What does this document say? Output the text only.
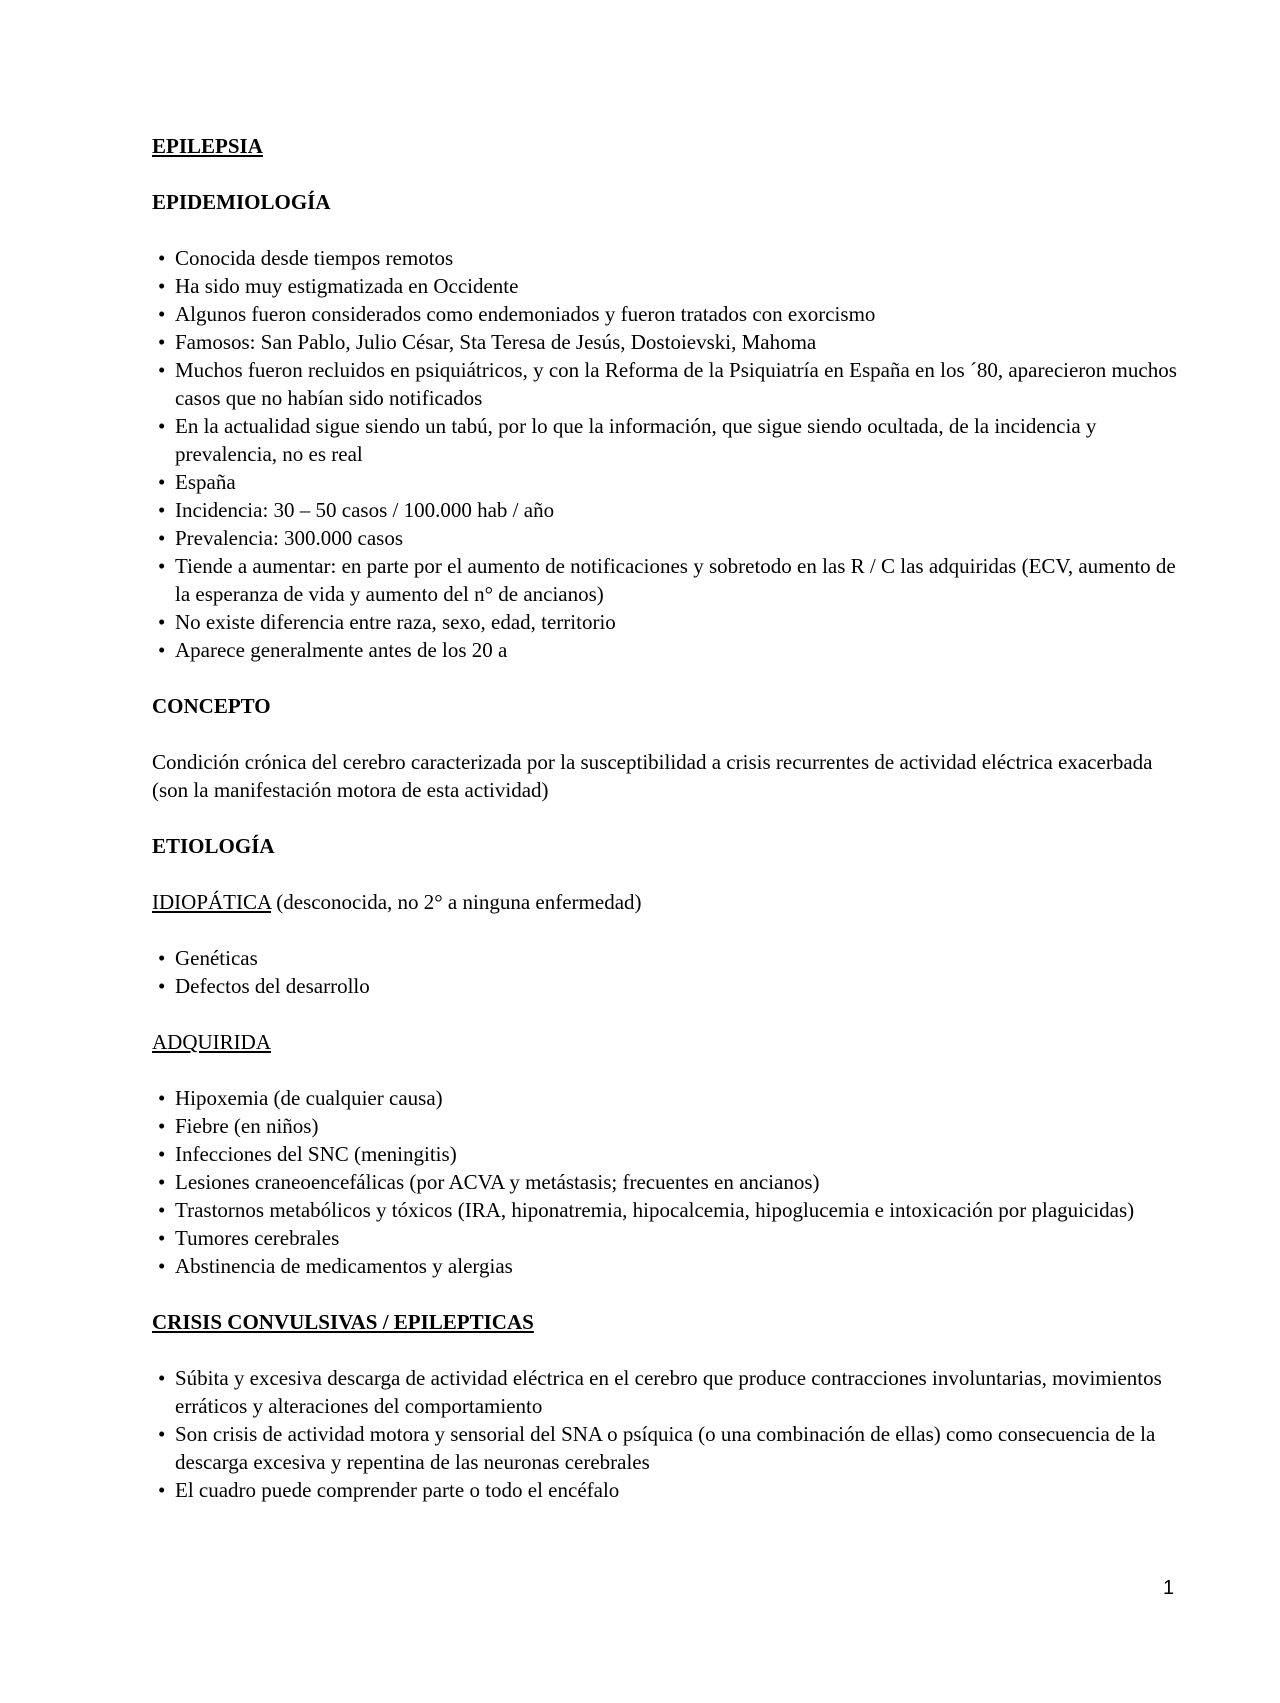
EPILEPSIA
EPIDEMIOLOGÍA
• Conocida desde tiempos remotos
• Ha sido muy estigmatizada en Occidente
• Algunos fueron considerados como endemoniados y fueron tratados con exorcismo
• Famosos: San Pablo, Julio César, Sta Teresa de Jesús, Dostoievski, Mahoma
• Muchos fueron recluidos en psiquiátricos, y con la Reforma de la Psiquiatría en España en los ´80, aparecieron muchos casos que no habían sido notificados
• En la actualidad sigue siendo un tabú, por lo que la información, que sigue siendo ocultada, de la incidencia y prevalencia, no es real
• España
• Incidencia: 30 – 50 casos / 100.000 hab / año
• Prevalencia: 300.000 casos
• Tiende a aumentar: en parte por el aumento de notificaciones y sobretodo en las R / C las adquiridas (ECV, aumento de la esperanza de vida y aumento del n° de ancianos)
• No existe diferencia entre raza, sexo, edad, territorio
• Aparece generalmente antes de los 20 a
CONCEPTO

Condición crónica del cerebro caracterizada por la susceptibilidad a crisis recurrentes de actividad eléctrica exacerbada (son la manifestación motora de esta actividad)

ETIOLOGÍA
IDIOPÁTICA (desconocida, no 2° a ninguna enfermedad)
• Genéticas
• Defectos del desarrollo
ADQUIRIDA
• Hipoxemia (de cualquier causa)
• Fiebre (en niños)
• Infecciones del SNC (meningitis)
• Lesiones craneoencefálicas (por ACVA y metástasis; frecuentes en ancianos)
• Trastornos metabólicos y tóxicos (IRA, hiponatremia, hipocalcemia, hipoglucemia e intoxicación por plaguicidas)
• Tumores cerebrales
• Abstinencia de medicamentos y alergias
CRISIS CONVULSIVAS / EPILEPTICAS
• Súbita y excesiva descarga de actividad eléctrica en el cerebro que produce contracciones involuntarias, movimientos erráticos y alteraciones del comportamiento
• Son crisis de actividad motora y sensorial del SNA o psíquica (o una combinación de ellas) como consecuencia de la descarga excesiva y repentina de las neuronas cerebrales
• El cuadro puede comprender parte o todo el encéfalo
1
